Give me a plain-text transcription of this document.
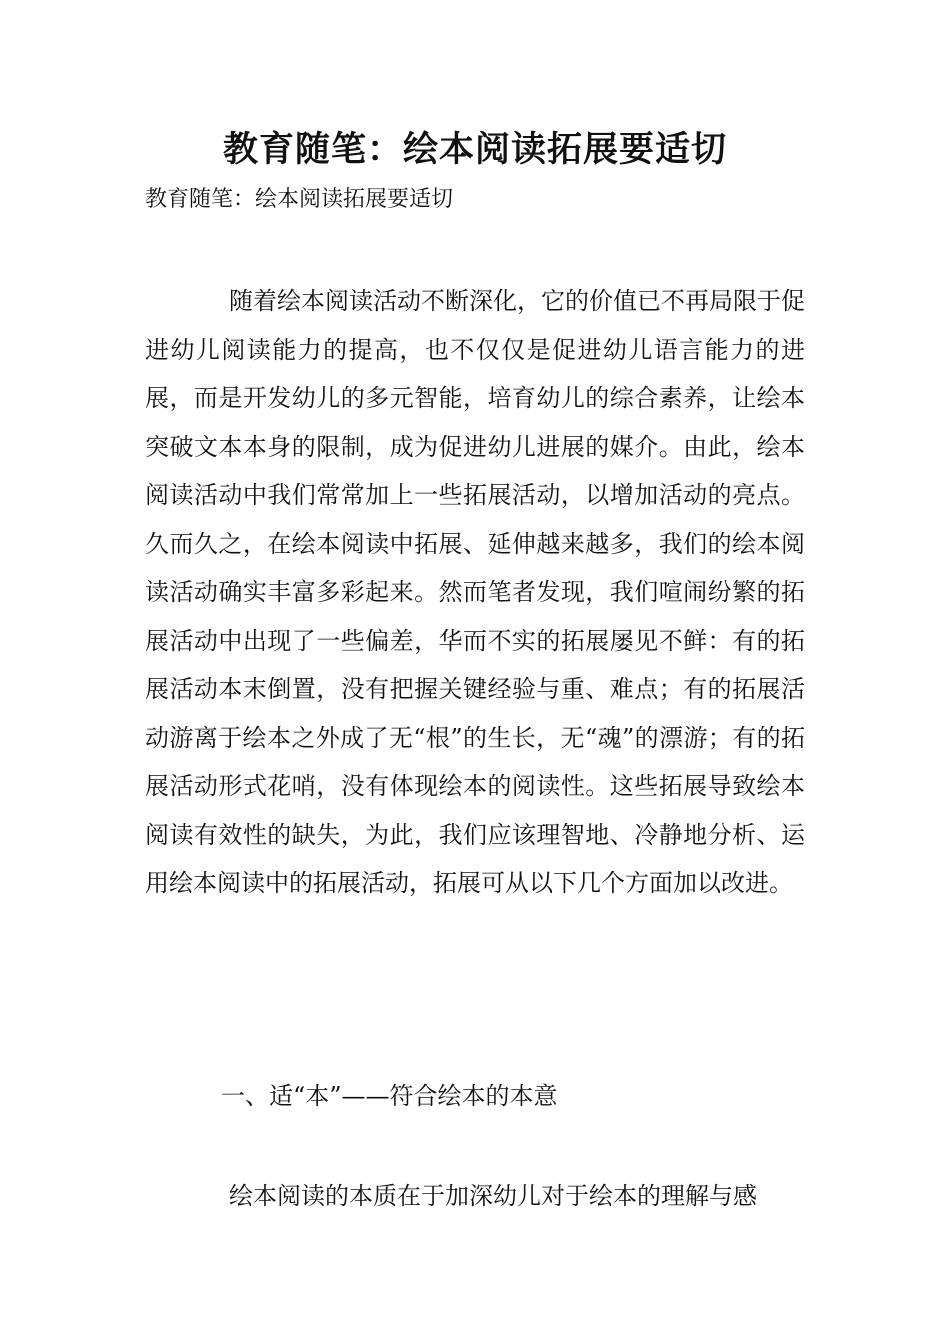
教育随笔：绘本阅读拓展要适切

教育随笔：绘本阅读拓展要适切

随着绘本阅读活动不断深化，它的价值已不再局限于促进幼儿阅读能力的提高，也不仅仅是促进幼儿语言能力的进展，而是开发幼儿的多元智能，培育幼儿的综合素养，让绘本突破文本本身的限制，成为促进幼儿进展的媒介。由此，绘本阅读活动中我们常常加上一些拓展活动，以增加活动的亮点。久而久之，在绘本阅读中拓展、延伸越来越多，我们的绘本阅读活动确实丰富多彩起来。然而笔者发现，我们喧闹纷繁的拓展活动中出现了一些偏差，华而不实的拓展屡见不鲜：有的拓展活动本末倒置，没有把握关键经验与重、难点；有的拓展活动游离于绘本之外成了无“根”的生长，无“魂”的漂游；有的拓展活动形式花哨，没有体现绘本的阅读性。这些拓展导致绘本阅读有效性的缺失，为此，我们应该理智地、冷静地分析、运用绘本阅读中的拓展活动，拓展可从以下几个方面加以改进。

一、适“本”——符合绘本的本意

绘本阅读的本质在于加深幼儿对于绘本的理解与感
